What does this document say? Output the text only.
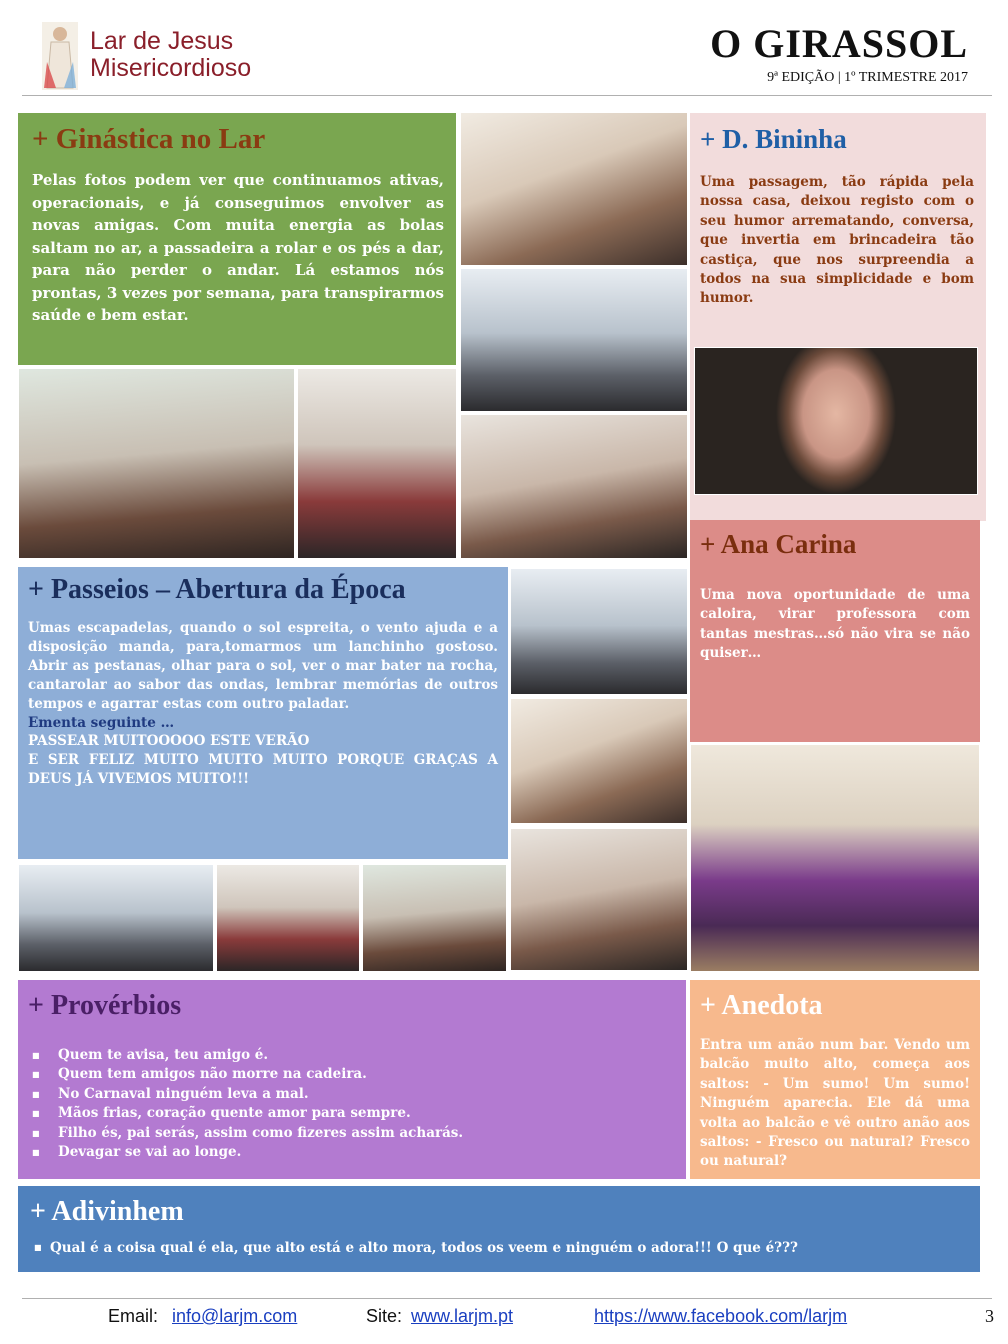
Lar de Jesus
Misericordioso
O GIRASSOL
9ª EDIÇÃO | 1º TRIMESTRE 2017
+ Ginástica no Lar

Pelas fotos podem ver que continuamos ativas, operacionais, e já conseguimos envolver as novas amigas. Com muita energia as bolas saltam no ar, a passadeira a rolar e os pés a dar, para não perder o andar. Lá estamos nós prontas, 3 vezes por semana, para transpirarmos saúde e bem estar.

+ D. Bininha

Uma passagem, tão rápida pela nossa casa, deixou registo com o seu humor arrematando, conversa, que invertia em brincadeira tão castiça, que nos surpreendia a todos na sua simplicidade e bom humor.

+ Ana Carina

Uma nova oportunidade de uma caloira, virar professora com tantas mestras…só não vira se não quiser…

+ Passeios – Abertura da Época

Umas escapadelas, quando o sol espreita, o vento ajuda e a disposição manda, para,tomarmos um lanchinho gostoso. Abrir as pestanas, olhar para o sol, ver o mar bater na rocha, cantarolar ao sabor das ondas, lembrar memórias de outros tempos e agarrar estas com outro paladar.

Ementa seguinte …

PASSEAR MUITOOOOO ESTE VERÃO

E SER FELIZ MUITO MUITO MUITO PORQUE GRAÇAS A DEUS JÁ VIVEMOS MUITO!!!

+ Provérbios
■	Quem te avisa, teu amigo é.
■	Quem tem amigos não morre na cadeira.
■	No Carnaval ninguém leva a mal.
■	Mãos frias, coração quente amor para sempre.
■	Filho és, pai serás, assim como fizeres assim acharás.
■	Devagar se vai ao longe.
+ Anedota

Entra um anão num bar. Vendo um balcão muito alto, começa aos saltos: - Um sumo! Um sumo! Ninguém aparecia. Ele dá uma volta ao balcão e vê outro anão aos saltos: - Fresco ou natural? Fresco ou natural?

+ Adivinhem
■ Qual é a coisa qual é ela, que alto está e alto mora, todos os veem e ninguém o adora!!! O que é???
Email: info@larjm.com	Site: www.larjm.pt	https://www.facebook.com/larjm	3
